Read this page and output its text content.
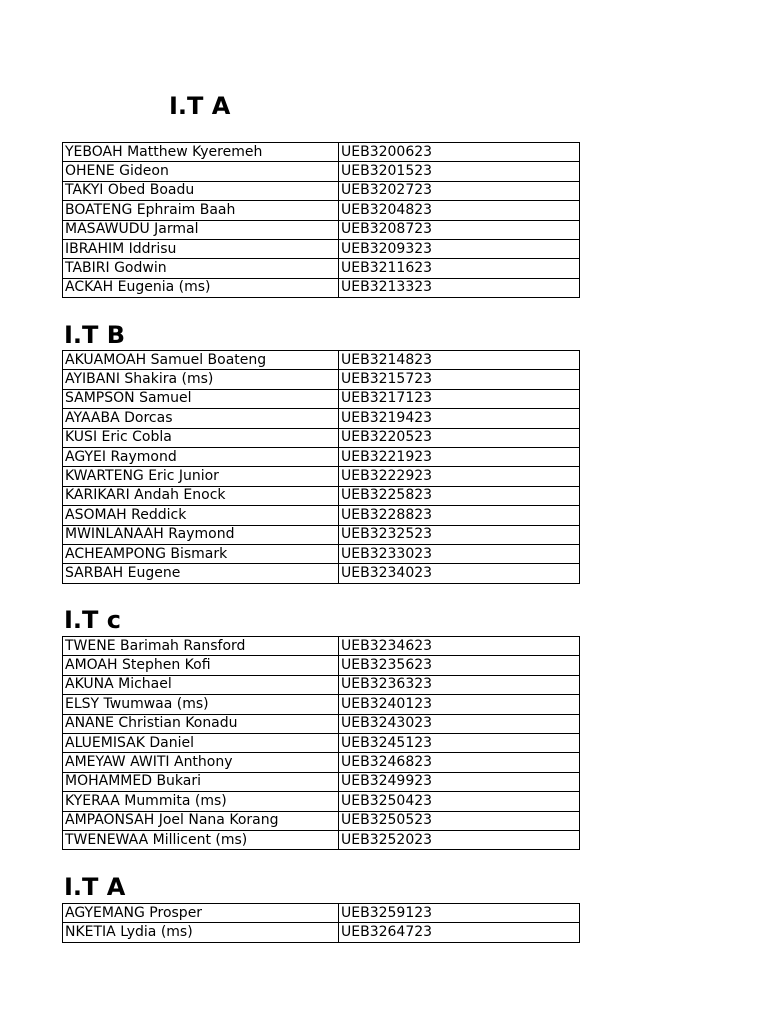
I.T A
YEBOAH Matthew Kyeremeh	UEB3200623
OHENE Gideon	UEB3201523
TAKYI Obed Boadu	UEB3202723
BOATENG Ephraim Baah	UEB3204823
MASAWUDU Jarmal	UEB3208723
IBRAHIM Iddrisu	UEB3209323
TABIRI Godwin	UEB3211623
ACKAH Eugenia (ms)	UEB3213323
I.T B
AKUAMOAH Samuel Boateng	UEB3214823
AYIBANI Shakira (ms)	UEB3215723
SAMPSON Samuel	UEB3217123
AYAABA Dorcas	UEB3219423
KUSI Eric Cobla	UEB3220523
AGYEI Raymond	UEB3221923
KWARTENG Eric Junior	UEB3222923
KARIKARI Andah Enock	UEB3225823
ASOMAH Reddick	UEB3228823
MWINLANAAH Raymond	UEB3232523
ACHEAMPONG Bismark	UEB3233023
SARBAH Eugene	UEB3234023
I.T c
TWENE Barimah Ransford	UEB3234623
AMOAH Stephen Kofi	UEB3235623
AKUNA Michael	UEB3236323
ELSY Twumwaa (ms)	UEB3240123
ANANE Christian Konadu	UEB3243023
ALUEMISAK Daniel	UEB3245123
AMEYAW AWITI Anthony	UEB3246823
MOHAMMED Bukari	UEB3249923
KYERAA Mummita (ms)	UEB3250423
AMPAONSAH Joel Nana Korang	UEB3250523
TWENEWAA Millicent (ms)	UEB3252023
I.T A
AGYEMANG Prosper	UEB3259123
NKETIA Lydia (ms)	UEB3264723
